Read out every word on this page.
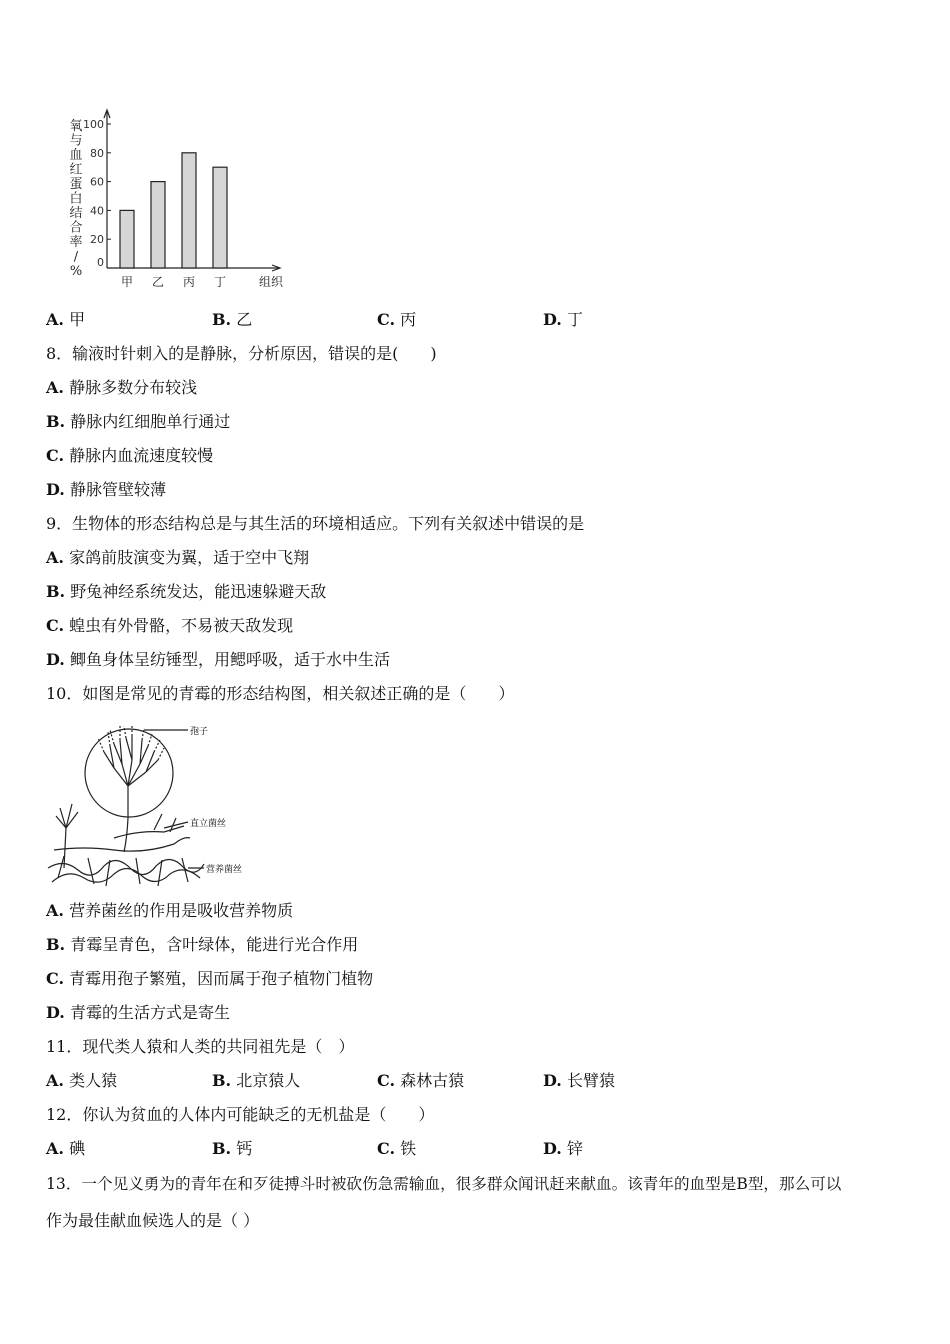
100
80
60
40
20
0
甲 乙 丙 丁	组织
氧
与
血
红
蛋
白
结
合
率
/
%
A. 甲	B. 乙	C. 丙	D. 丁
8．输液时针刺入的是静脉，分析原因，错误的是(　　)
A. 静脉多数分布较浅
B. 静脉内红细胞单行通过
C. 静脉内血流速度较慢
D. 静脉管壁较薄
9．生物体的形态结构总是与其生活的环境相适应。下列有关叙述中错误的是
A. 家鸽前肢演变为翼，适于空中飞翔
B. 野兔神经系统发达，能迅速躲避天敌
C. 蝗虫有外骨骼，不易被天敌发现
D. 鲫鱼身体呈纺锤型，用鳃呼吸，适于水中生活
10．如图是常见的青霉的形态结构图，相关叙述正确的是（　　）
孢子
直立菌丝
营养菌丝
A. 营养菌丝的作用是吸收营养物质
B. 青霉呈青色，含叶绿体，能进行光合作用
C. 青霉用孢子繁殖，因而属于孢子植物门植物
D. 青霉的生活方式是寄生
11．现代类人猿和人类的共同祖先是（　）
A. 类人猿	B. 北京猿人	C. 森林古猿	D. 长臂猿
12．你认为贫血的人体内可能缺乏的无机盐是（　　）
A. 碘	B. 钙	C. 铁	D. 锌
13．一个见义勇为的青年在和歹徒搏斗时被砍伤急需输血，很多群众闻讯赶来献血。该青年的血型是B型，那么可以
作为最佳献血候选人的是（ ）
